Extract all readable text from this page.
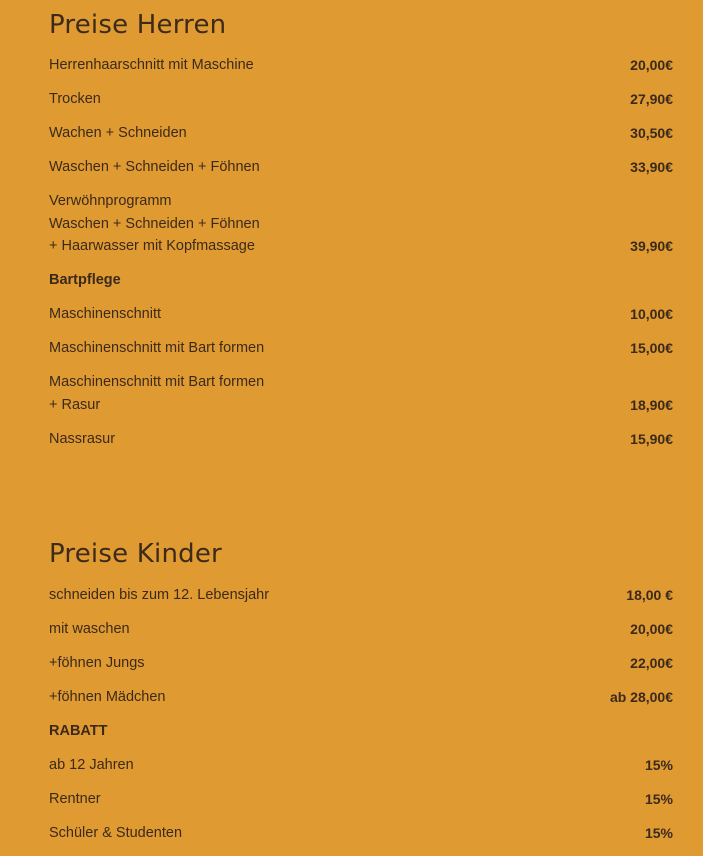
Preise Herren
Herrenhaarschnitt mit Maschine	20,00€
Trocken	27,90€
Wachen + Schneiden	30,50€
Waschen + Schneiden + Föhnen	33,90€
Verwöhnprogramm
Waschen + Schneiden + Föhnen
+ Haarwasser mit Kopfmassage	39,90€
Bartpflege
Maschinenschnitt	10,00€
Maschinenschnitt mit Bart formen	15,00€
Maschinenschnitt mit Bart formen
+ Rasur	18,90€
Nassrasur	15,90€
Preise Kinder
schneiden bis zum 12. Lebensjahr	18,00 €
mit waschen	20,00€
+föhnen Jungs	22,00€
+föhnen Mädchen	ab 28,00€
RABATT
ab 12 Jahren	15%
Rentner	15%
Schüler & Studenten	15%
